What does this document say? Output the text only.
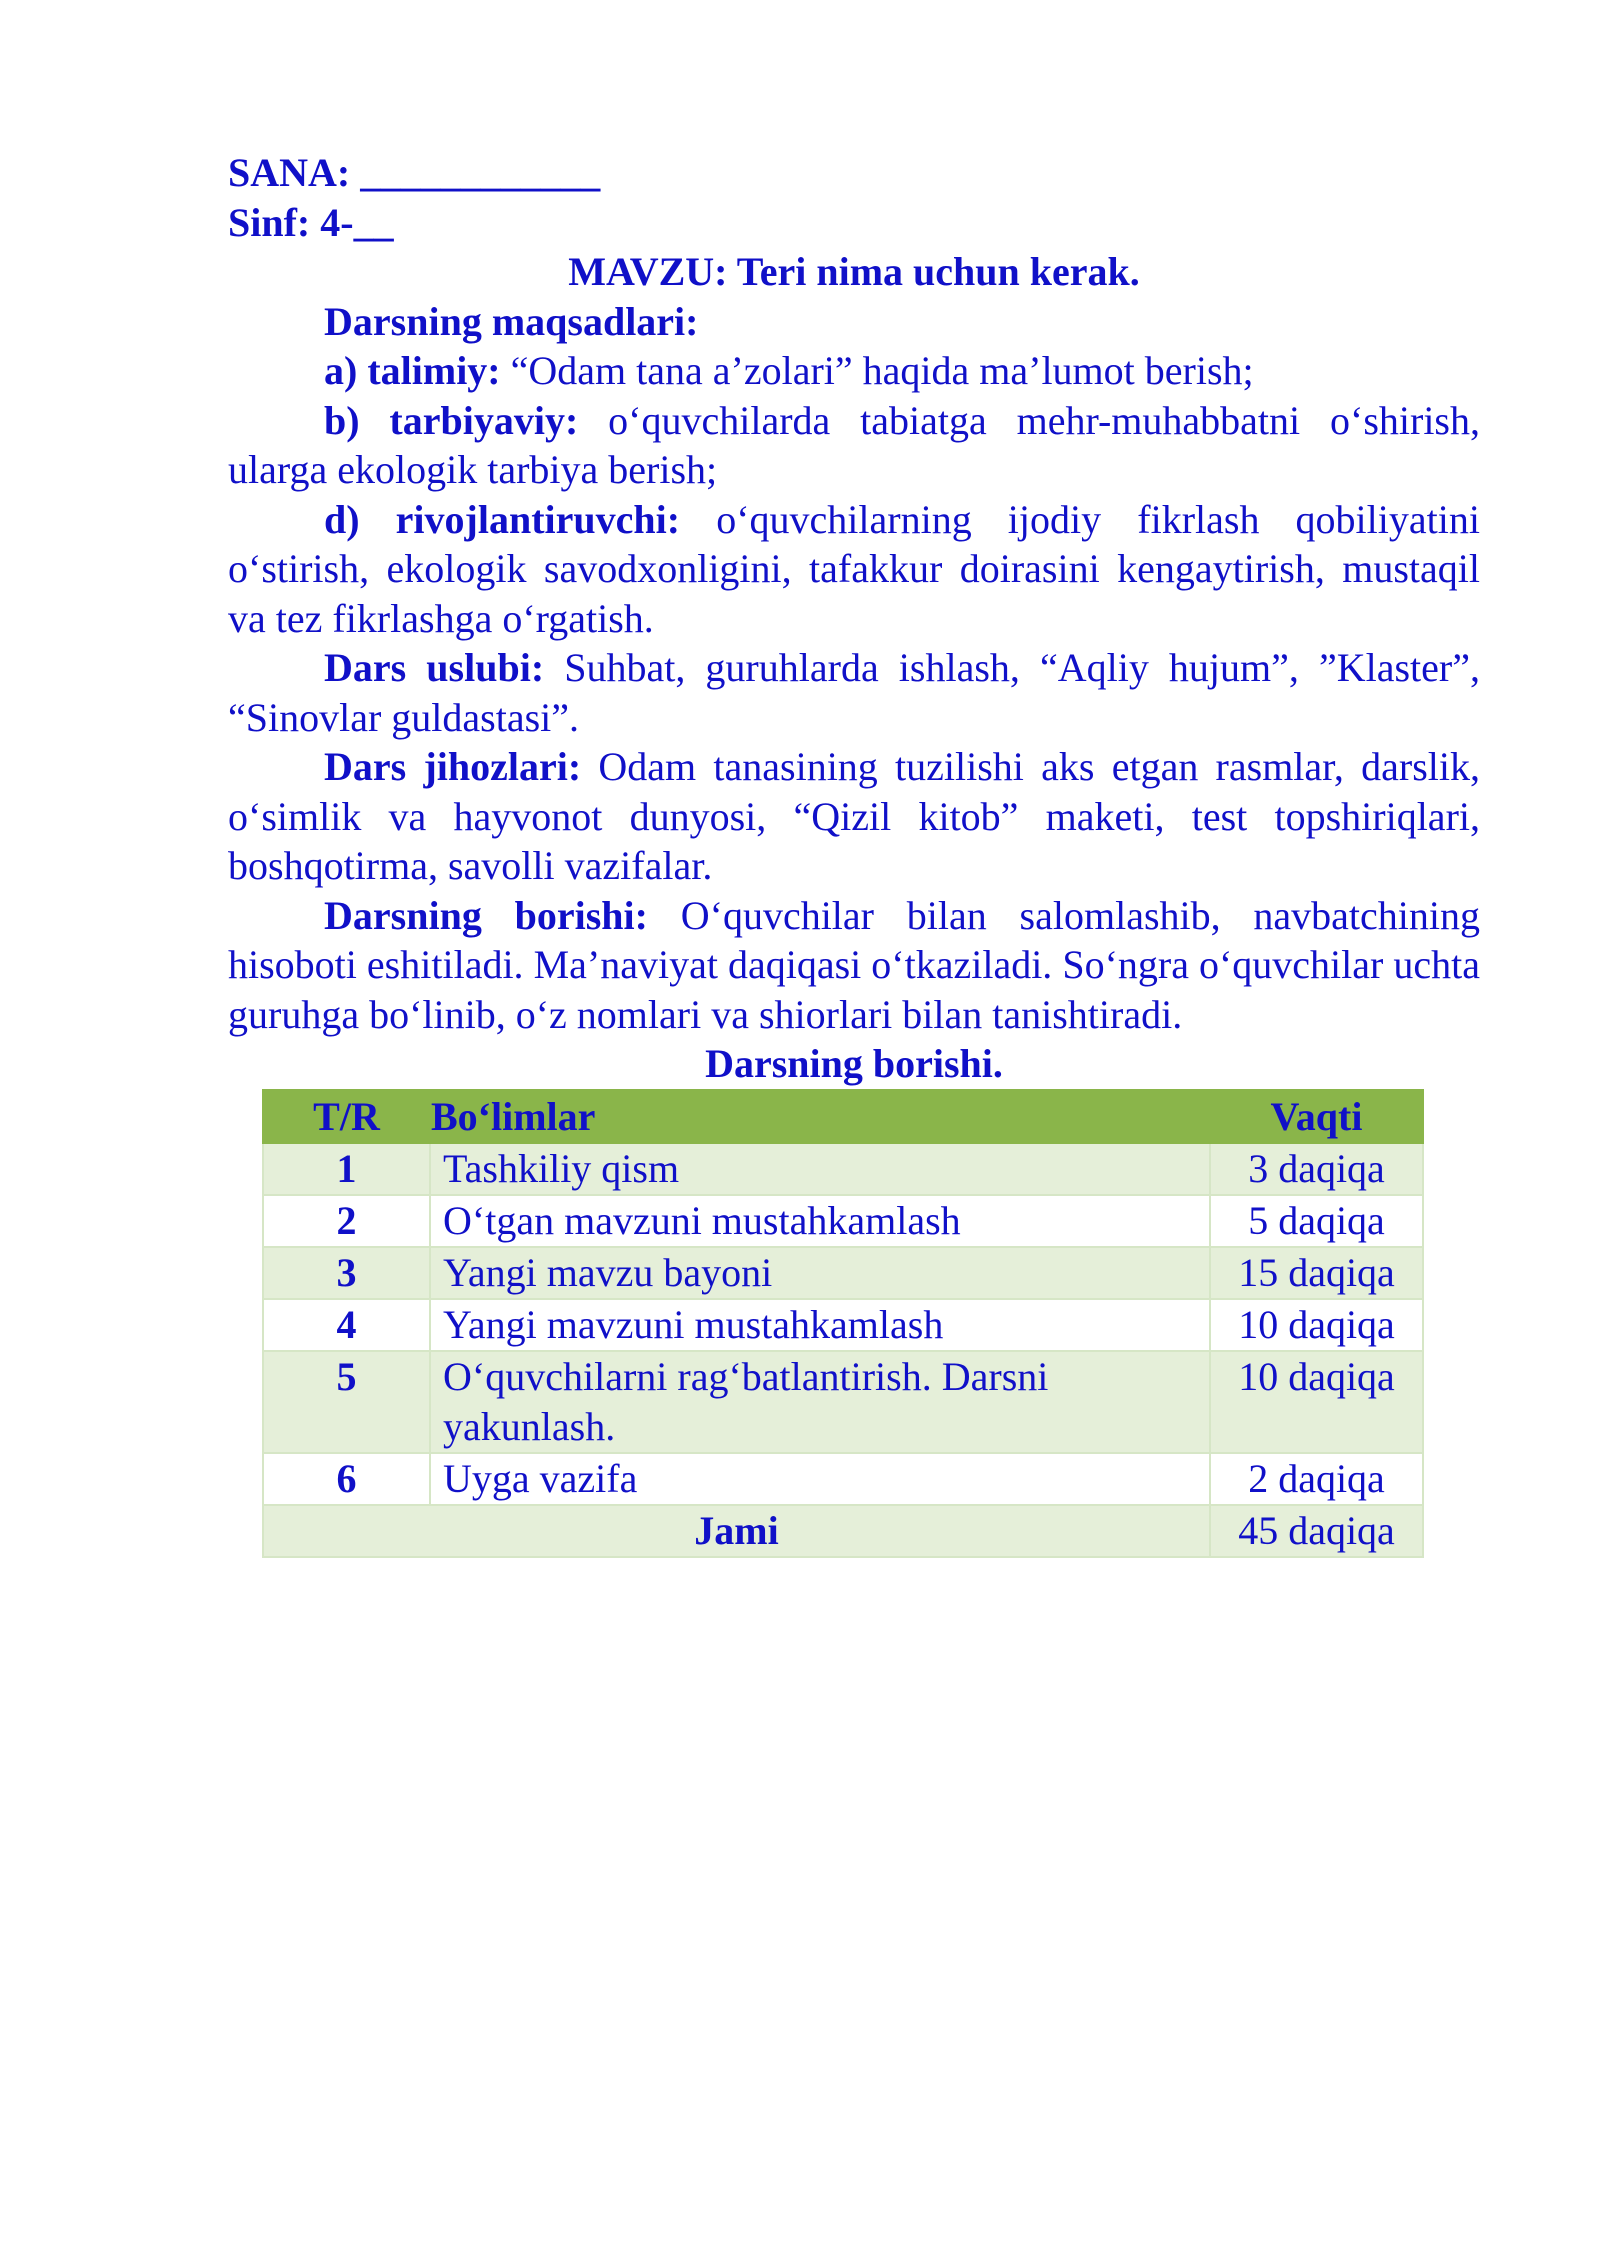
SANA: ____________

Sinf: 4-__

MAVZU: Teri nima uchun kerak.

Darsning maqsadlari:

a) talimiy: “Odam tana a’zolari” haqida ma’lumot berish;

b) tarbiyaviy: o‘quvchilarda tabiatga mehr-muhabbatni o‘shirish, ularga ekologik tarbiya berish;

d) rivojlantiruvchi: o‘quvchilarning ijodiy fikrlash qobiliyatini o‘stirish, ekologik savodxonligini, tafakkur doirasini kengaytirish, mustaqil va tez fikrlashga o‘rgatish.

Dars uslubi: Suhbat, guruhlarda ishlash, “Aqliy hujum”, ”Klaster”, “Sinovlar guldastasi”.

Dars jihozlari: Odam tanasining tuzilishi aks etgan rasmlar, darslik, o‘simlik va hayvonot dunyosi, “Qizil kitob” maketi, test topshiriqlari, boshqotirma, savolli vazifalar.

Darsning borishi: O‘quvchilar bilan salomlashib, navbatchining hisoboti eshitiladi. Ma’naviyat daqiqasi o‘tkaziladi. So‘ngra o‘quvchilar uchta guruhga bo‘linib, o‘z nomlari va shiorlari bilan tanishtiradi.

Darsning borishi.

T/R	Bo‘limlar	Vaqti
1	Tashkiliy qism	3 daqiqa
2	O‘tgan mavzuni mustahkamlash	5 daqiqa
3	Yangi mavzu bayoni	15 daqiqa
4	Yangi mavzuni mustahkamlash	10 daqiqa
5	O‘quvchilarni rag‘batlantirish. Darsni yakunlash.	10 daqiqa
6	Uyga vazifa	2 daqiqa
Jami		45 daqiqa
